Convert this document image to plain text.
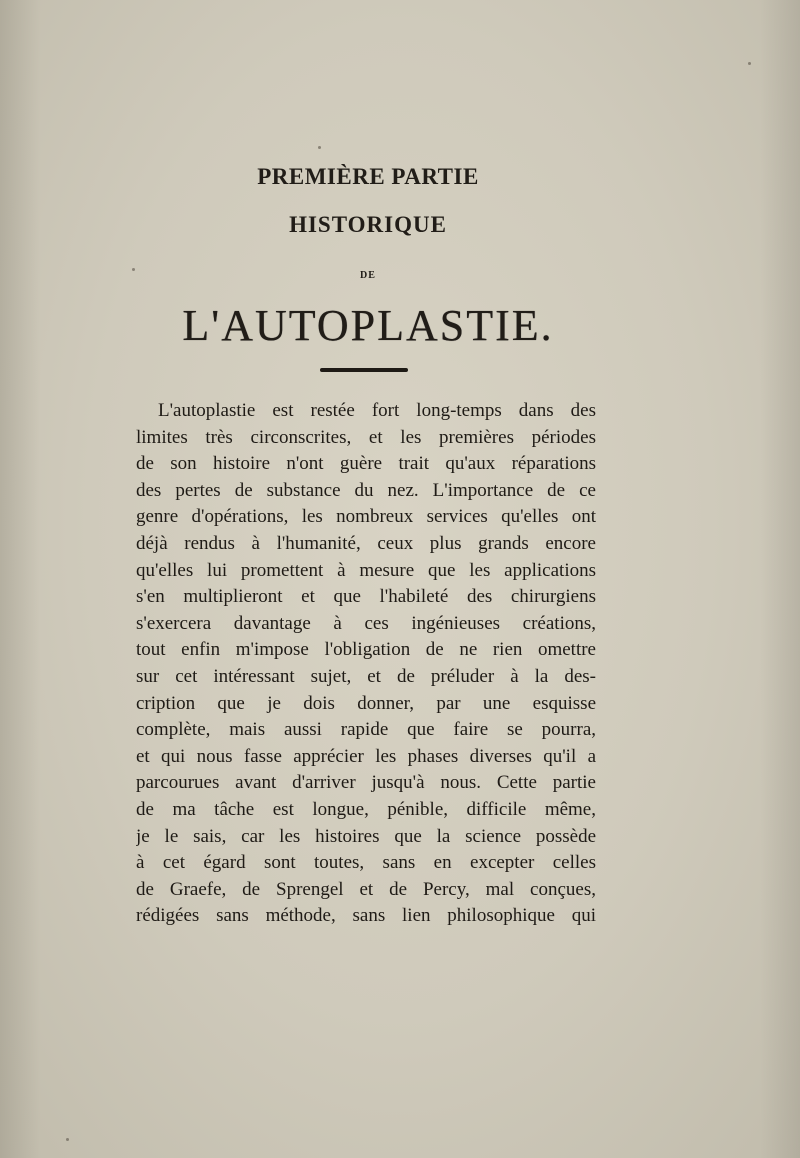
PREMIÈRE PARTIE
HISTORIQUE
DE
L'AUTOPLASTIE.
L'autoplastie est restée fort long-temps dans des
limites très circonscrites, et les premières périodes
de son histoire n'ont guère trait qu'aux réparations
des pertes de substance du nez. L'importance de ce
genre d'opérations, les nombreux services qu'elles ont
déjà rendus à l'humanité, ceux plus grands encore
qu'elles lui promettent à mesure que les applications
s'en multiplieront et que l'habileté des chirurgiens
s'exercera davantage à ces ingénieuses créations,
tout enfin m'impose l'obligation de ne rien omettre
sur cet intéressant sujet, et de préluder à la des-
cription que je dois donner, par une esquisse
complète, mais aussi rapide que faire se pourra,
et qui nous fasse apprécier les phases diverses qu'il a
parcourues avant d'arriver jusqu'à nous. Cette partie
de ma tâche est longue, pénible, difficile même,
je le sais, car les histoires que la science possède
à cet égard sont toutes, sans en excepter celles
de Graefe, de Sprengel et de Percy, mal conçues,
rédigées sans méthode, sans lien philosophique qui
